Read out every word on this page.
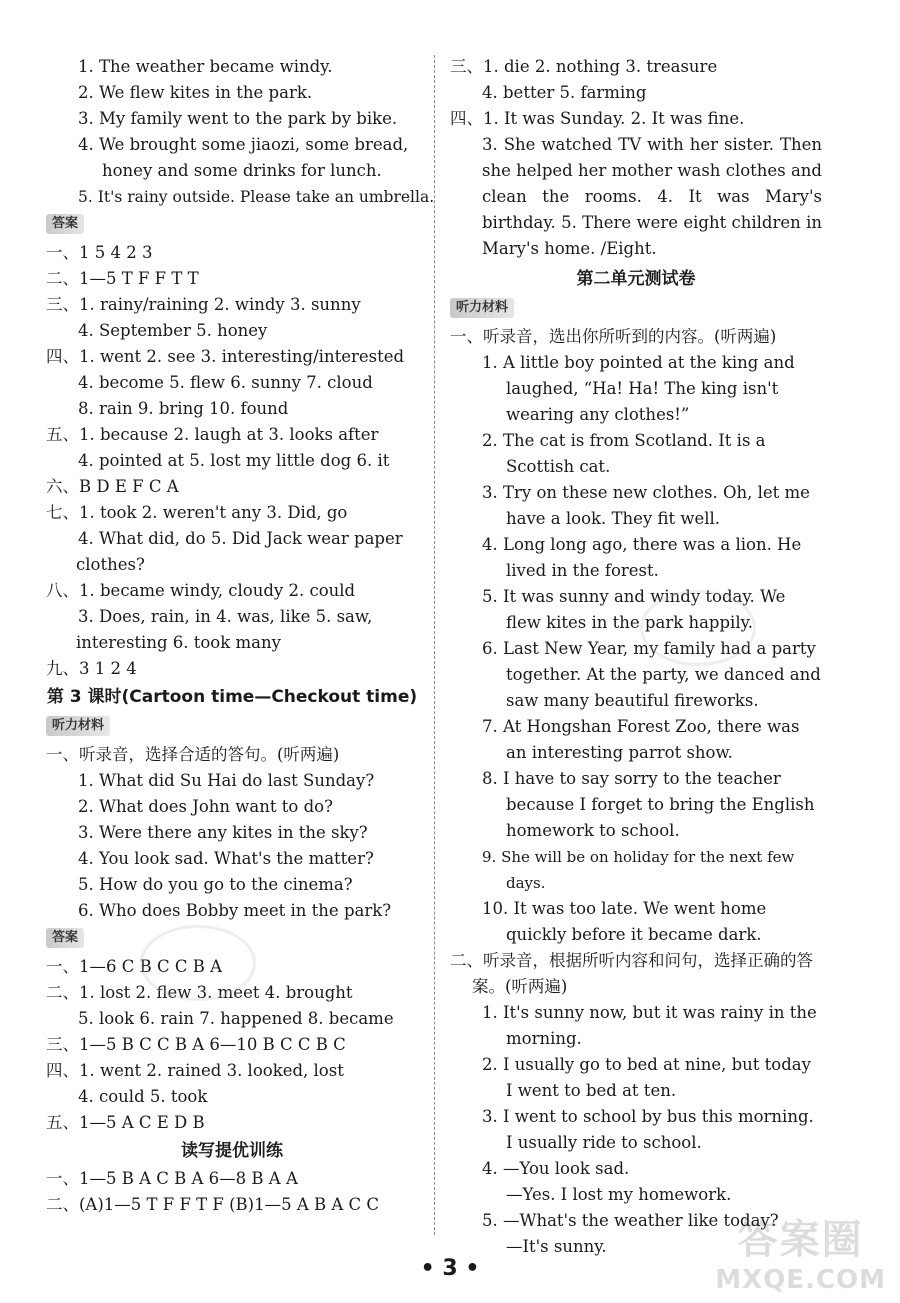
1. The weather became windy.
2. We flew kites in the park.
3. My family went to the park by bike.
4. We brought some jiaozi, some bread,
honey and some drinks for lunch.
5. It's rainy outside. Please take an umbrella.
答案
一、1 5 4 2 3
二、1—5 T F F T T
三、1. rainy/raining 2. windy 3. sunny
4. September 5. honey
四、1. went 2. see 3. interesting/interested
4. become 5. flew 6. sunny 7. cloud
8. rain 9. bring 10. found
五、1. because 2. laugh at 3. looks after
4. pointed at 5. lost my little dog 6. it
六、B D E F C A
七、1. took 2. weren't any 3. Did, go
4. What did, do 5. Did Jack wear paper
clothes?
八、1. became windy, cloudy 2. could
3. Does, rain, in 4. was, like 5. saw,
interesting 6. took many
九、3 1 2 4
第 3 课时(Cartoon time—Checkout time)
听力材料
一、听录音，选择合适的答句。(听两遍)
1. What did Su Hai do last Sunday?
2. What does John want to do?
3. Were there any kites in the sky?
4. You look sad. What's the matter?
5. How do you go to the cinema?
6. Who does Bobby meet in the park?
答案
一、1—6 C B C C B A
二、1. lost 2. flew 3. meet 4. brought
5. look 6. rain 7. happened 8. became
三、1—5 B C C B A 6—10 B C C B C
四、1. went 2. rained 3. looked, lost
4. could 5. took
五、1—5 A C E D B
读写提优训练
一、1—5 B A C B A 6—8 B A A
二、(A)1—5 T F F T F (B)1—5 A B A C C
三、1. die 2. nothing 3. treasure
4. better 5. farming
四、1. It was Sunday. 2. It was fine.
3. She watched TV with her sister. Then she helped her mother wash clothes and clean the rooms. 4. It was Mary's birthday. 5. There were eight children in Mary's home. /Eight.
第二单元测试卷
听力材料
一、听录音，选出你所听到的内容。(听两遍)
1. A little boy pointed at the king and laughed, “Ha! Ha! The king isn't wearing any clothes!”
2. The cat is from Scotland. It is a Scottish cat.
3. Try on these new clothes. Oh, let me have a look. They fit well.
4. Long long ago, there was a lion. He lived in the forest.
5. It was sunny and windy today. We flew kites in the park happily.
6. Last New Year, my family had a party together. At the party, we danced and saw many beautiful fireworks.
7. At Hongshan Forest Zoo, there was an interesting parrot show.
8. I have to say sorry to the teacher because I forget to bring the English homework to school.
9. She will be on holiday for the next few days.
10. It was too late. We went home quickly before it became dark.
二、听录音，根据所听内容和问句，选择正确的答案。(听两遍)
1. It's sunny now, but it was rainy in the morning.
2. I usually go to bed at nine, but today I went to bed at ten.
3. I went to school by bus this morning. I usually ride to school.
4. —You look sad.
—Yes. I lost my homework.
5. —What's the weather like today?
—It's sunny.
• 3 •
答案圈
MXQE.COM
